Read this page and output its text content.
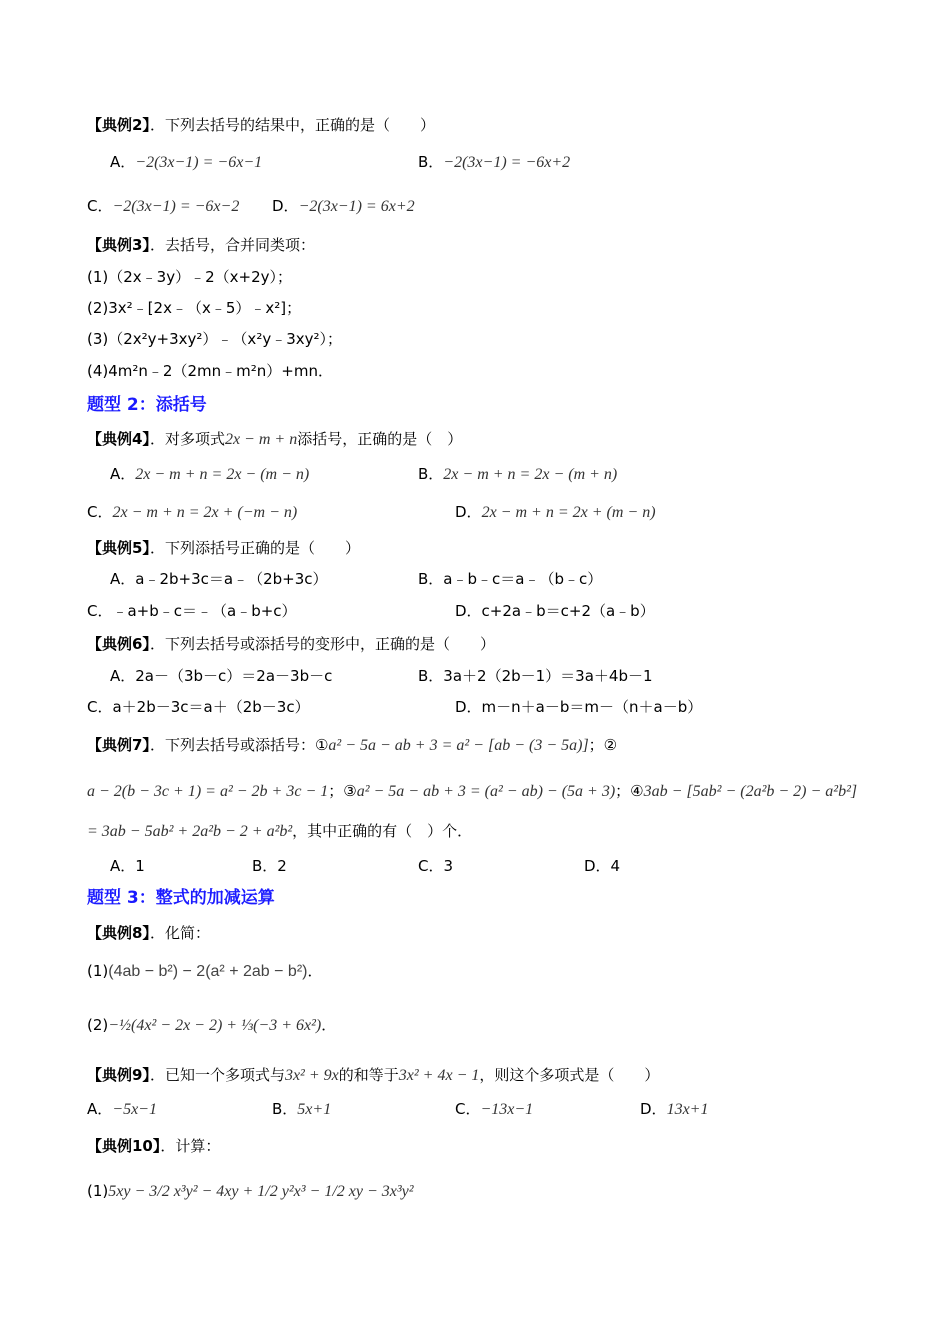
【典例2】．下列去括号的结果中，正确的是（　　）
A．−2(3x−1) = −6x−1	B．−2(3x−1) = −6x+2
C．−2(3x−1) = −6x−2 D．−2(3x−1) = 6x+2
【典例3】．去括号，合并同类项：
(1)（2x﹣3y）﹣2（x+2y）；
(2)3x²﹣[2x﹣（x﹣5）﹣x²]；
(3)（2x²y+3xy²）﹣（x²y﹣3xy²）；
(4)4m²n﹣2（2mn﹣m²n）+mn．
题型 2：添括号
【典例4】．对多项式2x − m + n添括号，正确的是（　）
A．2x − m + n = 2x − (m − n)	B．2x − m + n = 2x − (m + n)
C．2x − m + n = 2x + (−m − n)	D．2x − m + n = 2x + (m − n)
【典例5】．下列添括号正确的是（　　）
A．a﹣2b+3c＝a﹣（2b+3c）	B．a﹣b﹣c＝a﹣（b﹣c）
C．﹣a+b﹣c＝﹣（a﹣b+c）	D．c+2a﹣b＝c+2（a﹣b）
【典例6】．下列去括号或添括号的变形中，正确的是（　　）
A．2a－（3b－c）＝2a－3b－c	B．3a＋2（2b－1）＝3a＋4b－1
C．a＋2b－3c＝a＋（2b－3c）	D．m－n＋a－b＝m－（n＋a－b）
【典例7】．下列去括号或添括号：①a² − 5a − ab + 3 = a² − [ab − (3 − 5a)]；②
a − 2(b − 3c + 1) = a² − 2b + 3c − 1；③a² − 5a − ab + 3 = (a² − ab) − (5a + 3)；④3ab − [5ab² − (2a²b − 2) − a²b²]
= 3ab − 5ab² + 2a²b − 2 + a²b²，其中正确的有（　）个．
A．1	B．2	C．3	D．4
题型 3：整式的加减运算
【典例8】．化简：
(1)(4ab − b²) − 2(a² + 2ab − b²)．
(2)−½(4x² − 2x − 2) + ⅓(−3 + 6x²)．
【典例9】．已知一个多项式与3x² + 9x的和等于3x² + 4x − 1，则这个多项式是（　　）
A．−5x−1	B．5x+1	C．−13x−1	D．13x+1
【典例10】．计算：
(1)5xy − 3/2 x³y² − 4xy + 1/2 y²x³ − 1/2 xy − 3x³y²
